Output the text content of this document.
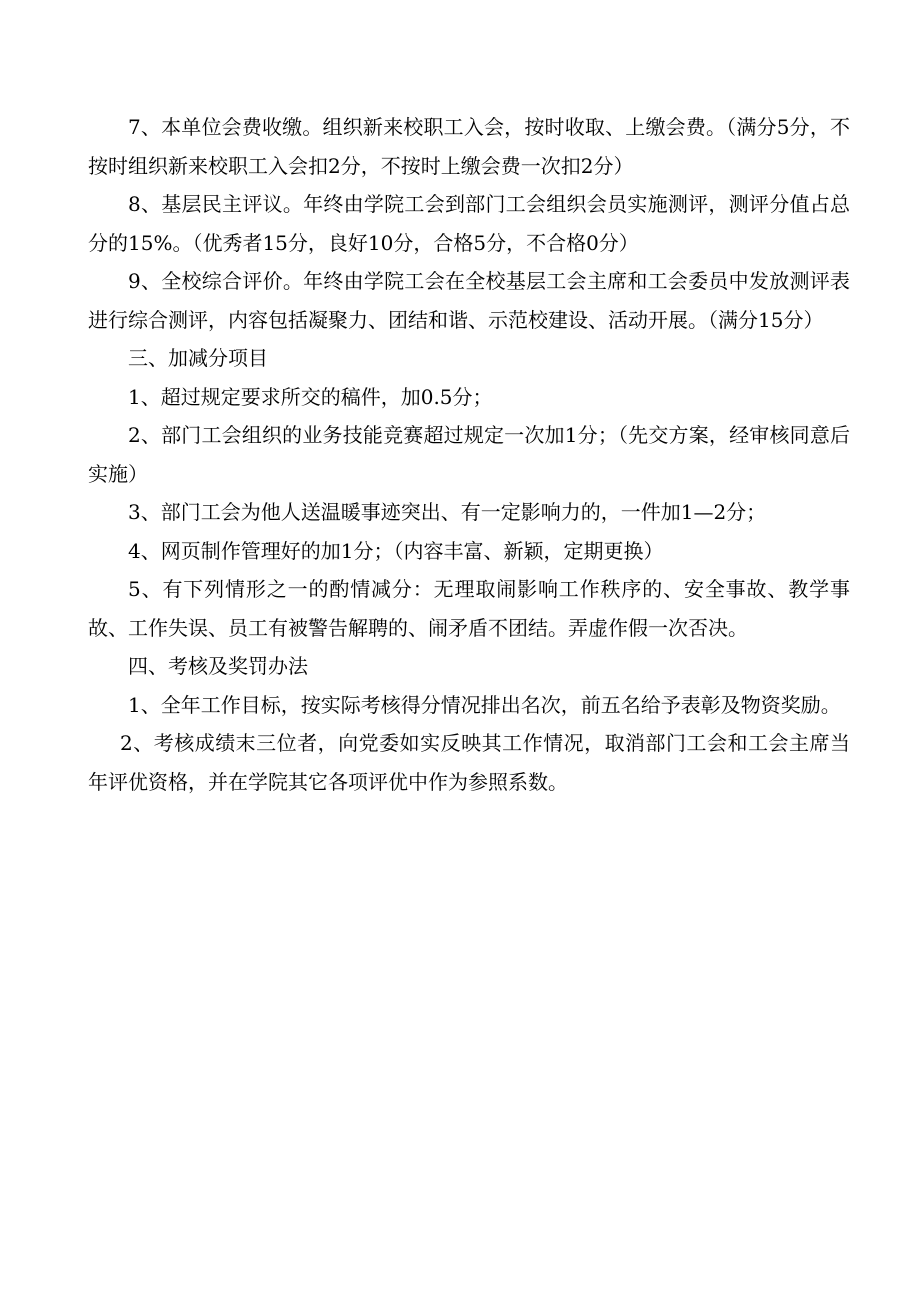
7、本单位会费收缴。组织新来校职工入会，按时收取、上缴会费。（满分5分，不按时组织新来校职工入会扣2分，不按时上缴会费一次扣2分）

8、基层民主评议。年终由学院工会到部门工会组织会员实施测评，测评分值占总分的15%。（优秀者15分，良好10分，合格5分，不合格0分）

9、全校综合评价。年终由学院工会在全校基层工会主席和工会委员中发放测评表进行综合测评，内容包括凝聚力、团结和谐、示范校建设、活动开展。（满分15分）

三、加减分项目

1、超过规定要求所交的稿件，加0.5分；

2、部门工会组织的业务技能竞赛超过规定一次加1分；（先交方案，经审核同意后实施）

3、部门工会为他人送温暖事迹突出、有一定影响力的，一件加1—2分；

4、网页制作管理好的加1分；（内容丰富、新颖，定期更换）

5、有下列情形之一的酌情减分：无理取闹影响工作秩序的、安全事故、教学事故、工作失误、员工有被警告解聘的、闹矛盾不团结。弄虚作假一次否决。

四、考核及奖罚办法

1、全年工作目标，按实际考核得分情况排出名次，前五名给予表彰及物资奖励。

2、考核成绩末三位者，向党委如实反映其工作情况，取消部门工会和工会主席当年评优资格，并在学院其它各项评优中作为参照系数。
